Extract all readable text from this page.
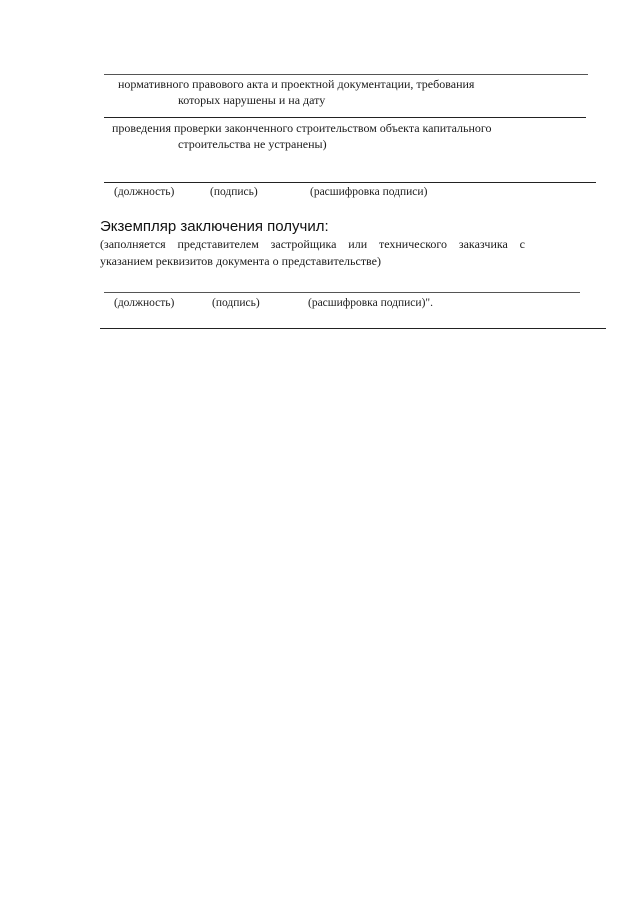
нормативного правового акта и проектной документации, требования
которых нарушены и на дату
проведения проверки законченного строительством объекта капитального
строительства не устранены)
(должность)	(подпись)	(расшифровка подписи)
Экземпляр заключения получил:
(заполняется представителем застройщика или технического заказчика с
указанием реквизитов документа о представительстве)
(должность)	(подпись)	(расшифровка подписи)".
